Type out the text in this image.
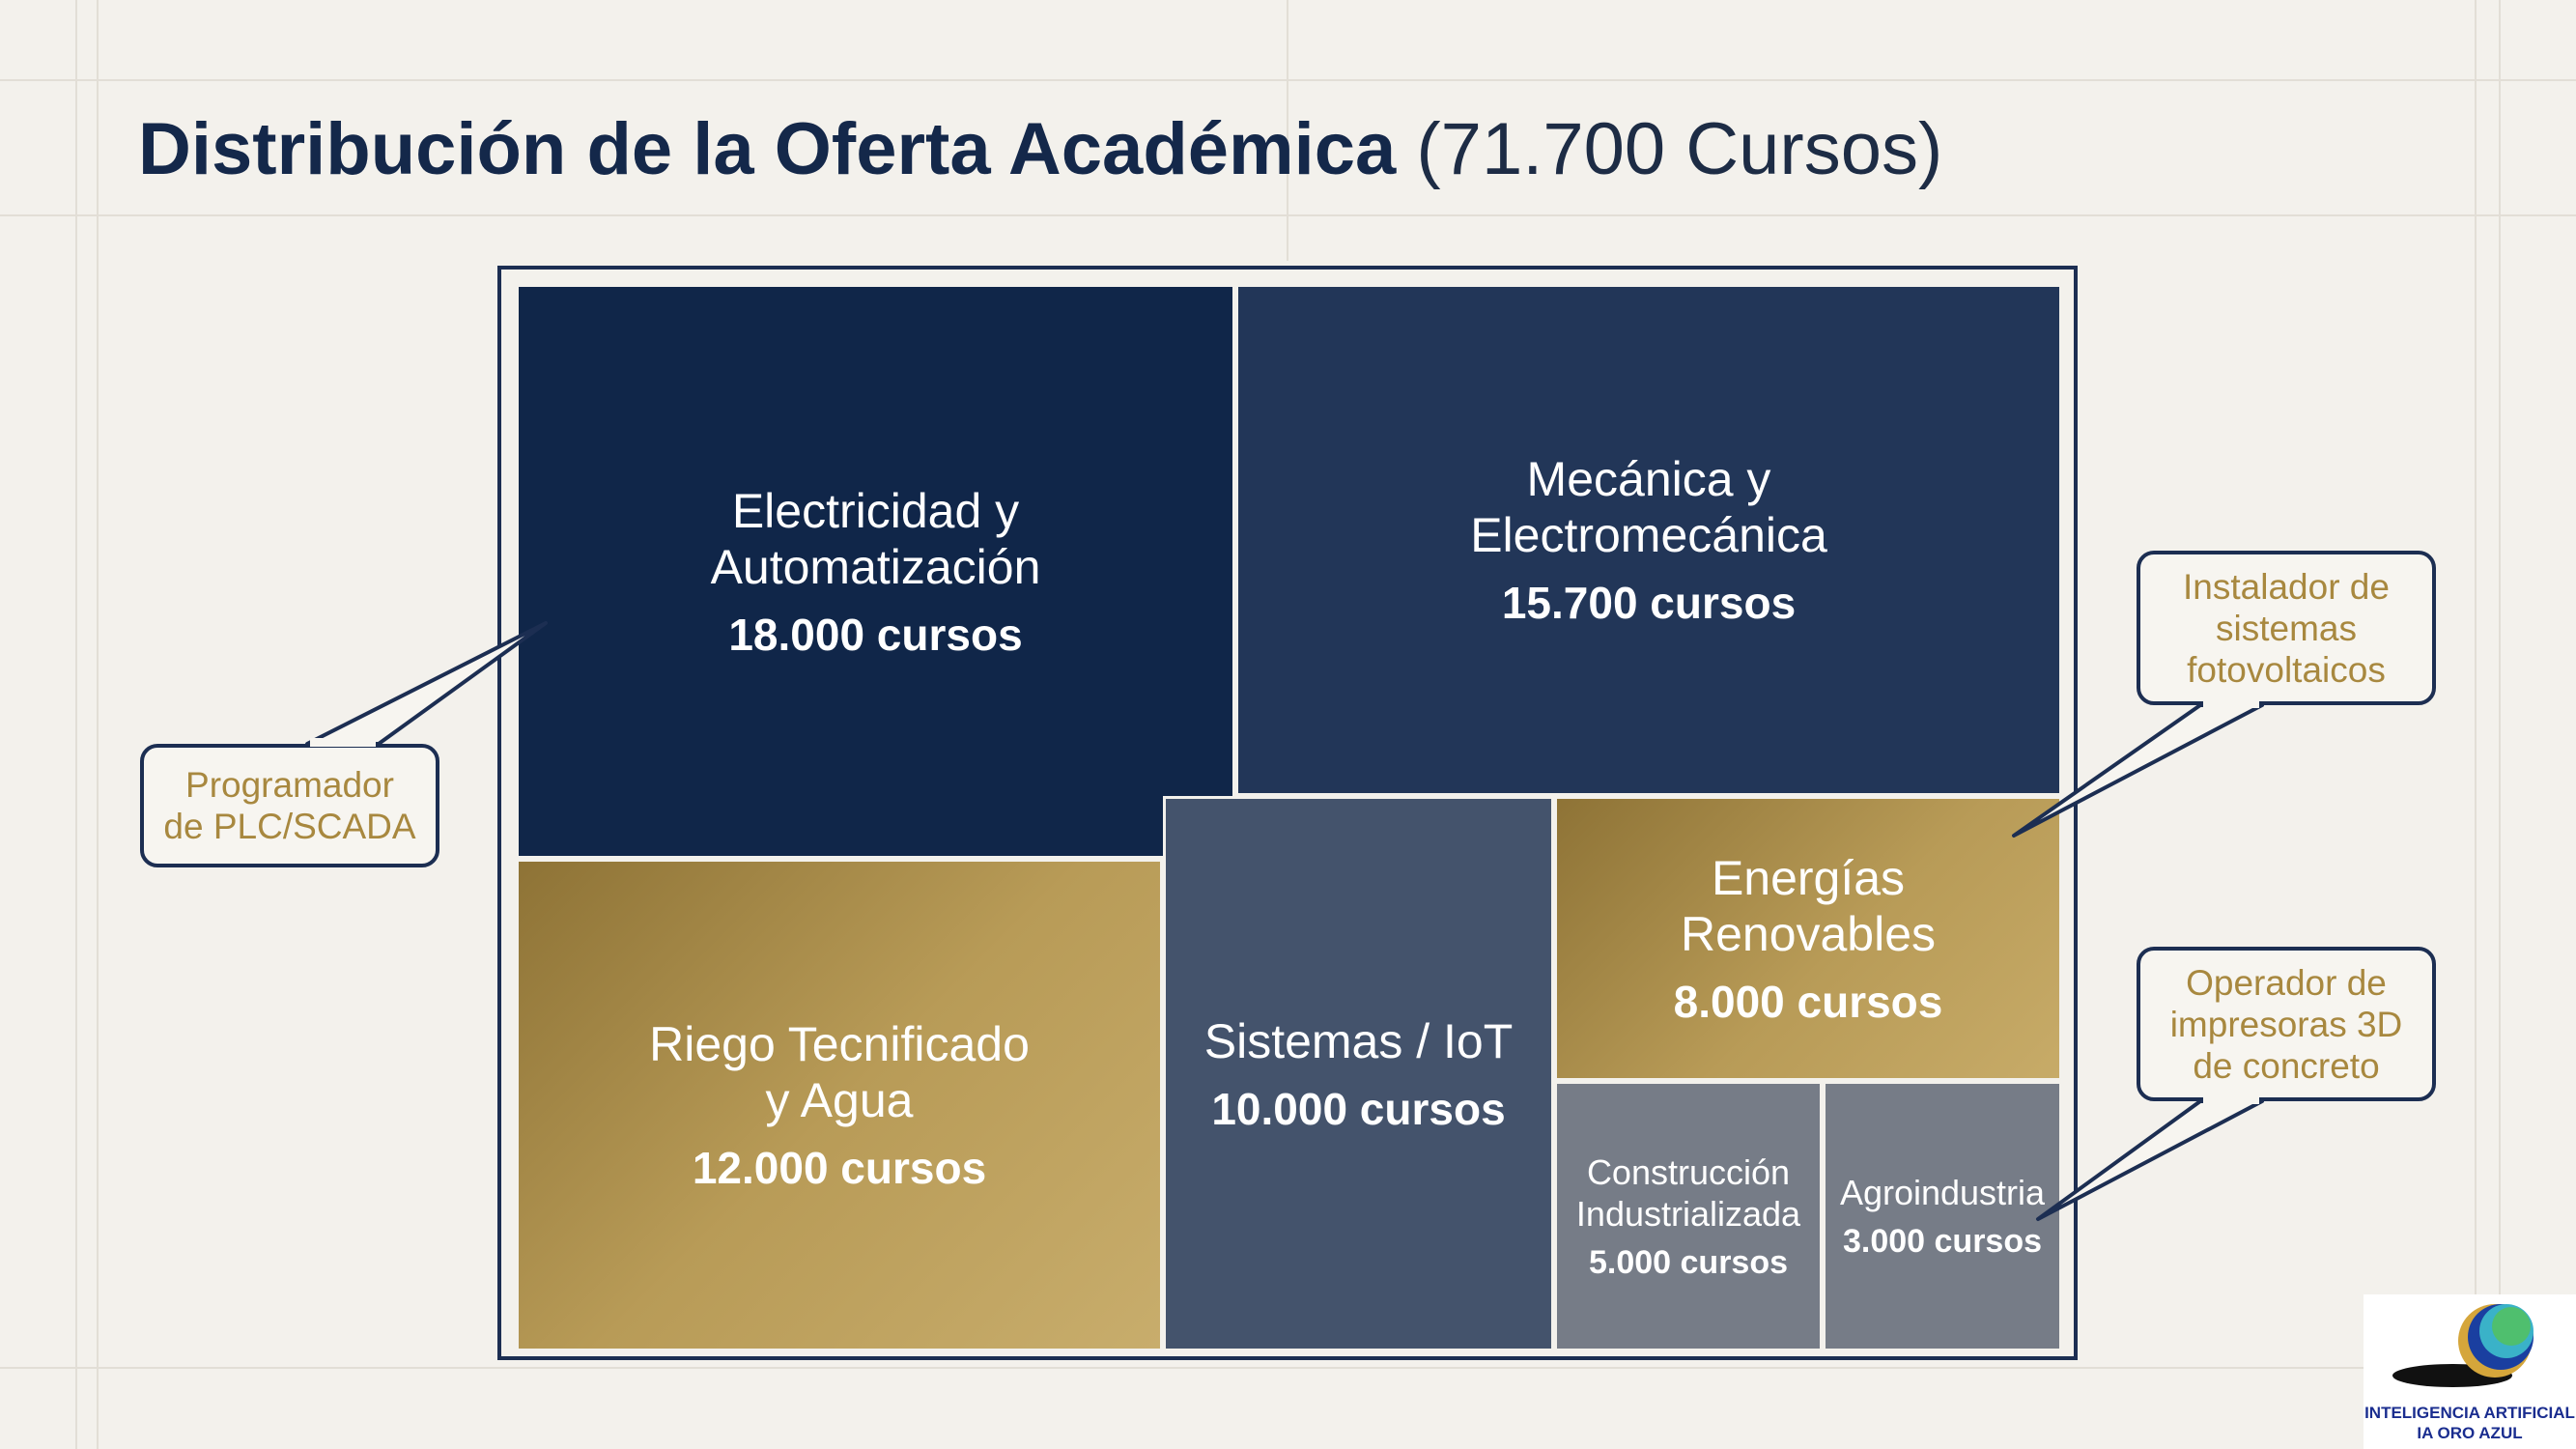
Distribución de la Oferta Académica (71.700 Cursos)
Electricidad y
Automatización
18.000 cursos
Mecánica y
Electromecánica
15.700 cursos
Riego Tecnificado
y Agua
12.000 cursos
Sistemas / IoT
10.000 cursos
Energías
Renovables
8.000 cursos
Construcción
Industrializada
5.000 cursos
Agroindustria
3.000 cursos
Programador
de PLC/SCADA
Instalador de
sistemas
fotovoltaicos
Operador de
impresoras 3D
de concreto
INTELIGENCIA ARTIFICIAL
IA ORO AZUL
